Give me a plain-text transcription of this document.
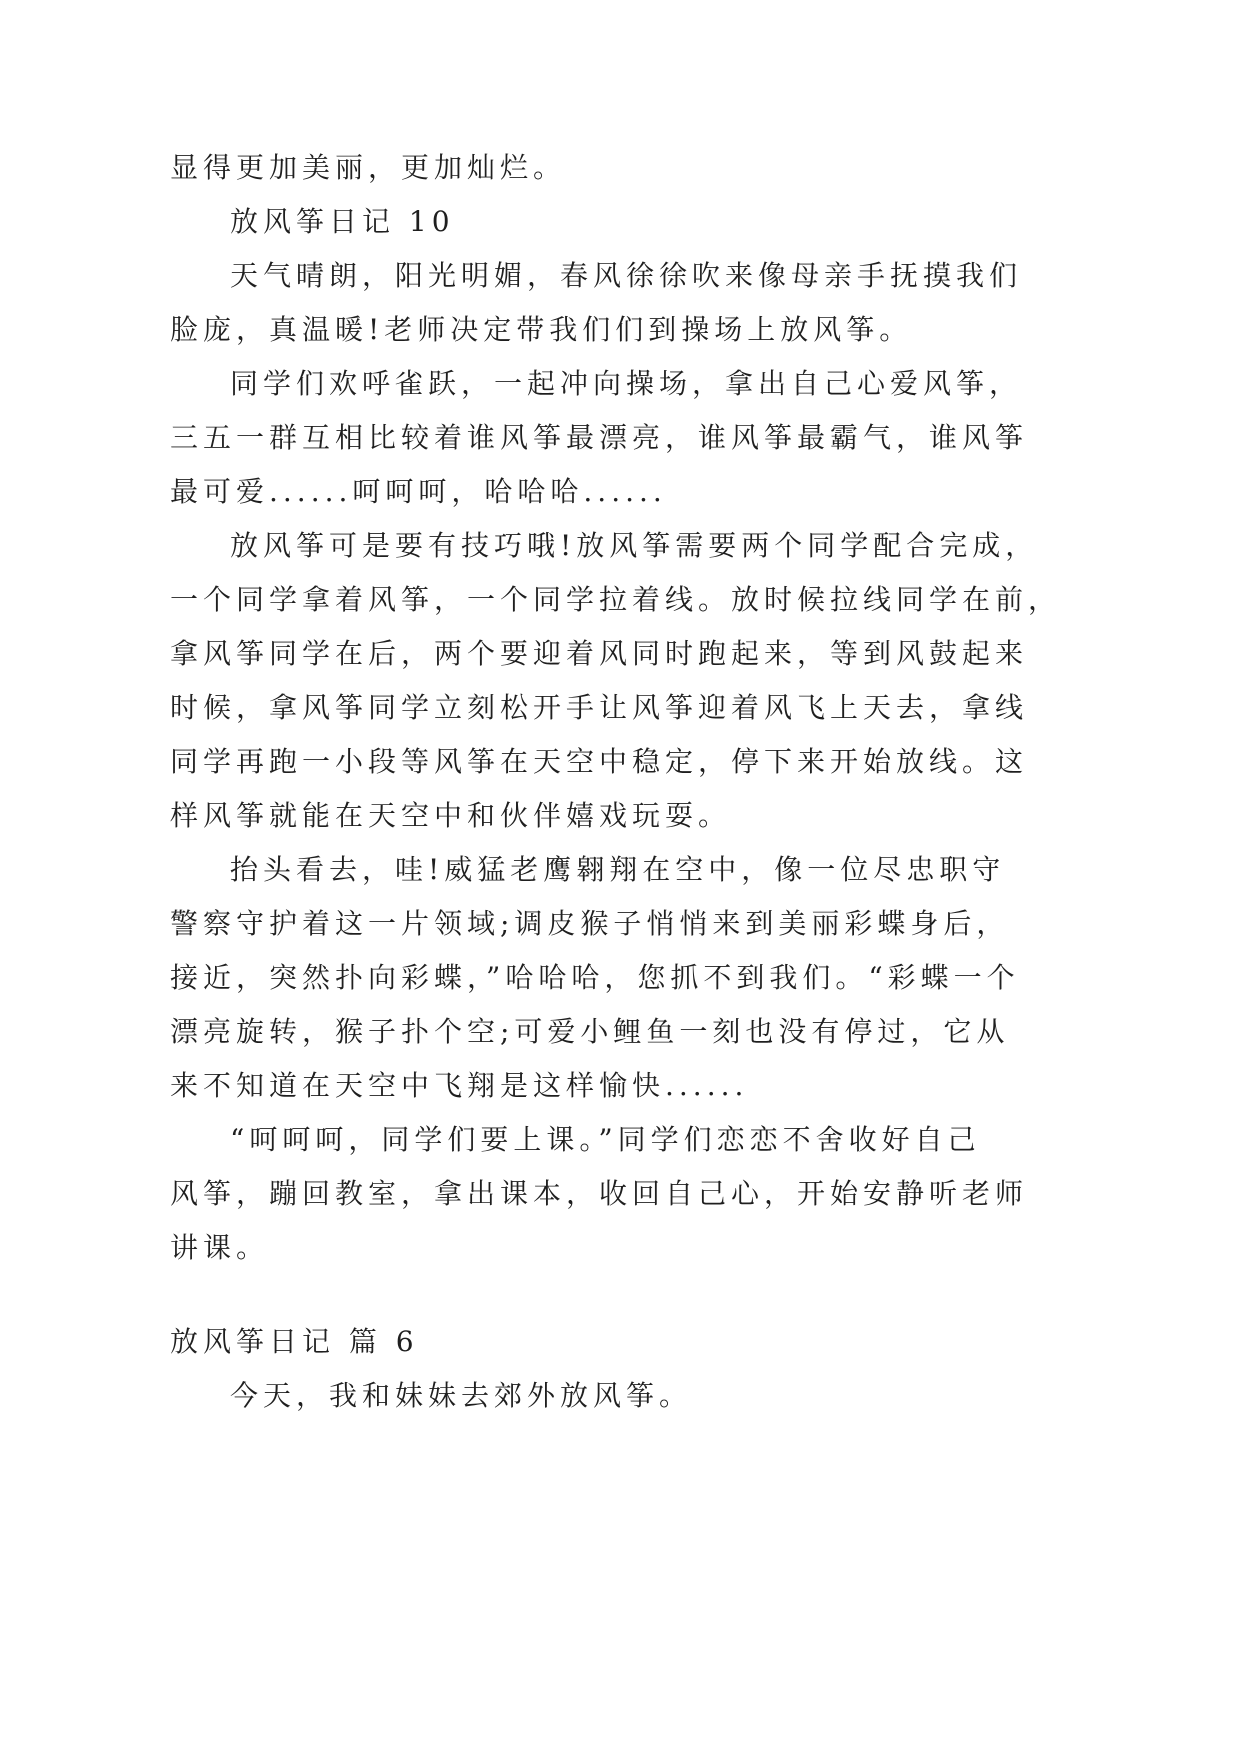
显得更加美丽，更加灿烂。

放风筝日记 10

天气晴朗，阳光明媚，春风徐徐吹来像母亲手抚摸我们

脸庞，真温暖!老师决定带我们们到操场上放风筝。

同学们欢呼雀跃，一起冲向操场，拿出自己心爱风筝，

三五一群互相比较着谁风筝最漂亮，谁风筝最霸气，谁风筝

最可爱......呵呵呵，哈哈哈......

放风筝可是要有技巧哦!放风筝需要两个同学配合完成，

一个同学拿着风筝，一个同学拉着线。放时候拉线同学在前，

拿风筝同学在后，两个要迎着风同时跑起来，等到风鼓起来

时候，拿风筝同学立刻松开手让风筝迎着风飞上天去，拿线

同学再跑一小段等风筝在天空中稳定，停下来开始放线。这

样风筝就能在天空中和伙伴嬉戏玩耍。

抬头看去，哇!威猛老鹰翱翔在空中，像一位尽忠职守

警察守护着这一片领域;调皮猴子悄悄来到美丽彩蝶身后，

接近，突然扑向彩蝶，”哈哈哈，您抓不到我们。“彩蝶一个

漂亮旋转，猴子扑个空;可爱小鲤鱼一刻也没有停过，它从

来不知道在天空中飞翔是这样愉快......

“呵呵呵，同学们要上课。”同学们恋恋不舍收好自己

风筝，蹦回教室，拿出课本，收回自己心，开始安静听老师

讲课。

放风筝日记 篇 6

今天，我和妹妹去郊外放风筝。
